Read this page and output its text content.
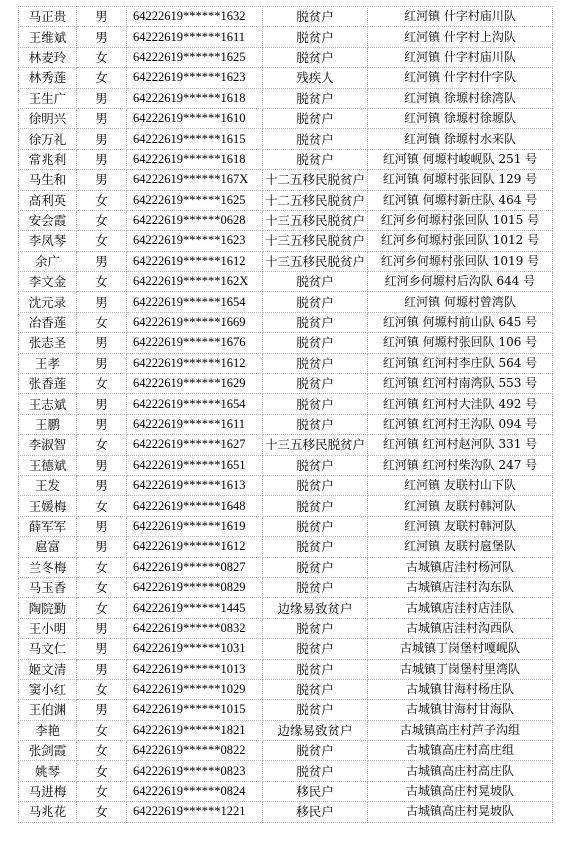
马正贵	男	64222619******1632	脱贫户	红河镇 什字村庙川队
王维斌	男	64222619******1611	脱贫户	红河镇 什字村上沟队
林麦玲	女	64222619******1625	脱贫户	红河镇 什字村庙川队
林秀莲	女	64222619******1623	残疾人	红河镇 什字村什字队
王生广	男	64222619******1618	脱贫户	红河镇 徐塬村徐湾队
徐明兴	男	64222619******1610	脱贫户	红河镇 徐塬村徐塬队
徐万礼	男	64222619******1615	脱贫户	红河镇 徐塬村水来队
常兆利	男	64222619******1618	脱贫户	红河镇 何塬村峻岘队 251 号
马生和	男	64222619******167X	十二五移民脱贫户	红河镇 何塬村张回队 129 号
高利英	女	64222619******1625	十二五移民脱贫户	红河镇 何塬村新庄队 464 号
安会霞	女	64222619******0628	十三五移民脱贫户	红河乡何塬村张回队 1015 号
李凤琴	女	64222619******1623	十三五移民脱贫户	红河乡何塬村张回队 1012 号
余广	男	64222619******1612	十三五移民脱贫户	红河乡何塬村张回队 1019 号
李文金	女	64222619******162X	脱贫户	红河乡何塬村后沟队 644 号
沈元录	男	64222619******1654	脱贫户	红河镇 何塬村曾湾队
冶香莲	女	64222619******1669	脱贫户	红河镇 何塬村前山队 645 号
张志圣	男	64222619******1676	脱贫户	红河镇 何塬村张回队 106 号
王孝	男	64222619******1612	脱贫户	红河镇 红河村李庄队 564 号
张香莲	女	64222619******1629	脱贫户	红河镇 红河村南湾队 553 号
王志斌	男	64222619******1654	脱贫户	红河镇 红河村大洼队 492 号
王鹏	男	64222619******1611	脱贫户	红河镇 红河村王沟队 094 号
李淑智	女	64222619******1627	十三五移民脱贫户	红河镇 红河村赵河队 331 号
王德斌	男	64222619******1651	脱贫户	红河镇 红河村柴沟队 247 号
王发	男	64222619******1613	脱贫户	红河镇 友联村山下队
王媛梅	女	64222619******1648	脱贫户	红河镇 友联村韩河队
薛军军	男	64222619******1619	脱贫户	红河镇 友联村韩河队
扈富	男	64222619******1612	脱贫户	红河镇 友联村扈堡队
兰冬梅	女	64222619******0827	脱贫户	古城镇店洼村杨河队
马玉香	女	64222619******0829	脱贫户	古城镇店洼村沟东队
陶院勤	女	64222619******1445	边缘易致贫户	古城镇店洼村店洼队
王小明	男	64222619******0832	脱贫户	古城镇店洼村沟西队
马文仁	男	64222619******1031	脱贫户	古城镇丁岗堡村嘎岘队
姬文清	男	64222619******1013	脱贫户	古城镇丁岗堡村里湾队
窦小红	女	64222619******1029	脱贫户	古城镇甘海村杨庄队
王伯渊	男	64222619******1015	脱贫户	古城镇甘海村甘海队
李艳	女	64222619******1821	边缘易致贫户	古城镇高庄村芦子沟组
张剑霞	女	64222619******0822	脱贫户	古城镇高庄村高庄组
姚琴	女	64222619******0823	脱贫户	古城镇高庄村高庄队
马进梅	女	64222619******0824	移民户	古城镇高庄村晃坡队
马兆花	女	64222619******1221	移民户	古城镇高庄村晃坡队
